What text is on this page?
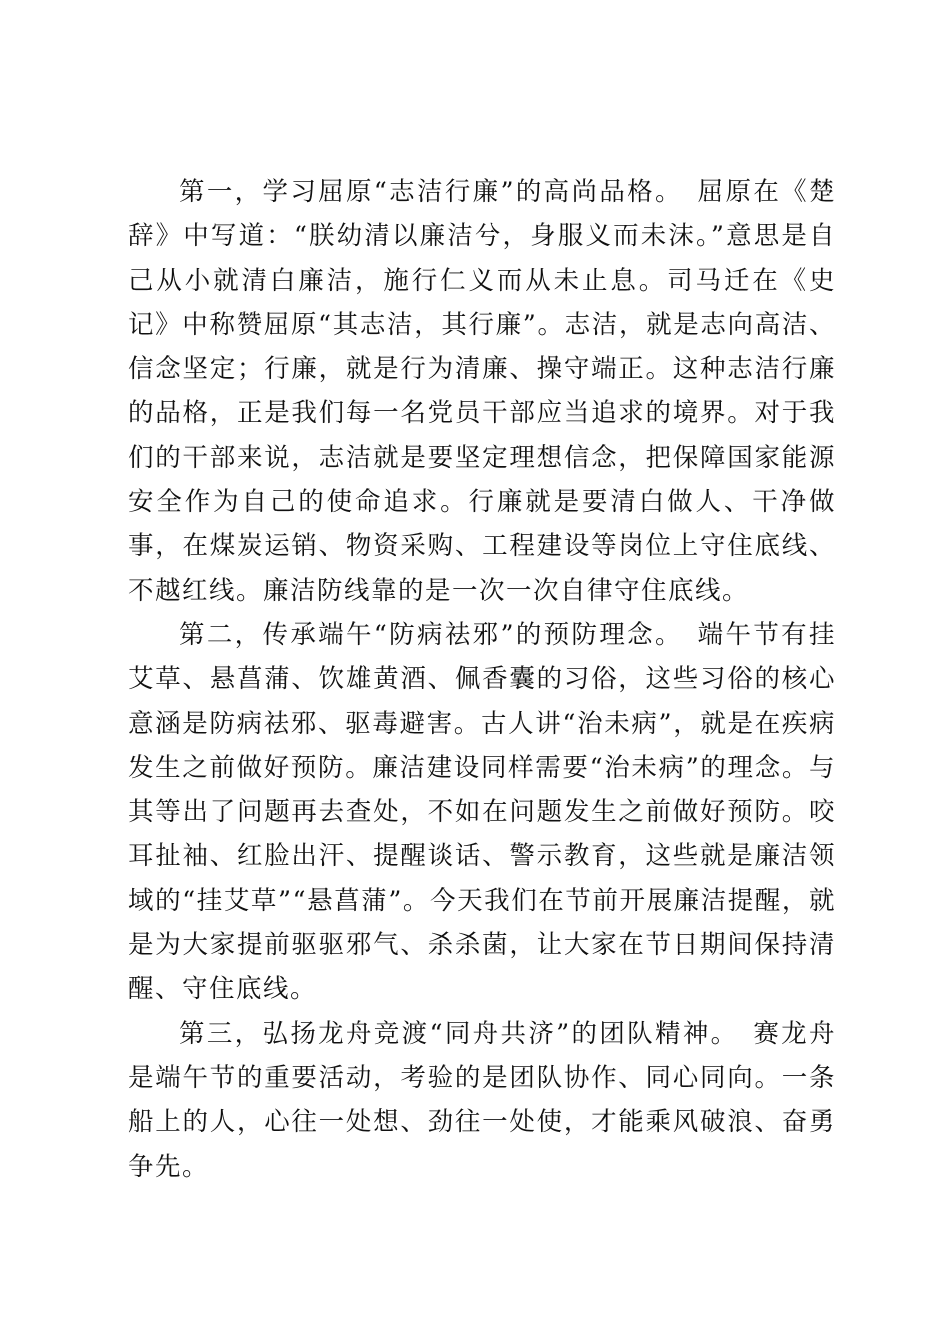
第一，学习屈原“志洁行廉”的高尚品格。 屈原在《楚辞》中写道：“朕幼清以廉洁兮，身服义而未沫。”意思是自己从小就清白廉洁，施行仁义而从未止息。司马迁在《史记》中称赞屈原“其志洁，其行廉”。志洁，就是志向高洁、信念坚定；行廉，就是行为清廉、操守端正。这种志洁行廉的品格，正是我们每一名党员干部应当追求的境界。对于我们的干部来说，志洁就是要坚定理想信念，把保障国家能源安全作为自己的使命追求。行廉就是要清白做人、干净做事，在煤炭运销、物资采购、工程建设等岗位上守住底线、不越红线。廉洁防线靠的是一次一次自律守住底线。

第二，传承端午“防病祛邪”的预防理念。 端午节有挂艾草、悬菖蒲、饮雄黄酒、佩香囊的习俗，这些习俗的核心意涵是防病祛邪、驱毒避害。古人讲“治未病”，就是在疾病发生之前做好预防。廉洁建设同样需要“治未病”的理念。与其等出了问题再去查处，不如在问题发生之前做好预防。咬耳扯袖、红脸出汗、提醒谈话、警示教育，这些就是廉洁领域的“挂艾草”“悬菖蒲”。今天我们在节前开展廉洁提醒，就是为大家提前驱驱邪气、杀杀菌，让大家在节日期间保持清醒、守住底线。

第三，弘扬龙舟竞渡“同舟共济”的团队精神。 赛龙舟是端午节的重要活动，考验的是团队协作、同心同向。一条船上的人，心往一处想、劲往一处使，才能乘风破浪、奋勇争先。
